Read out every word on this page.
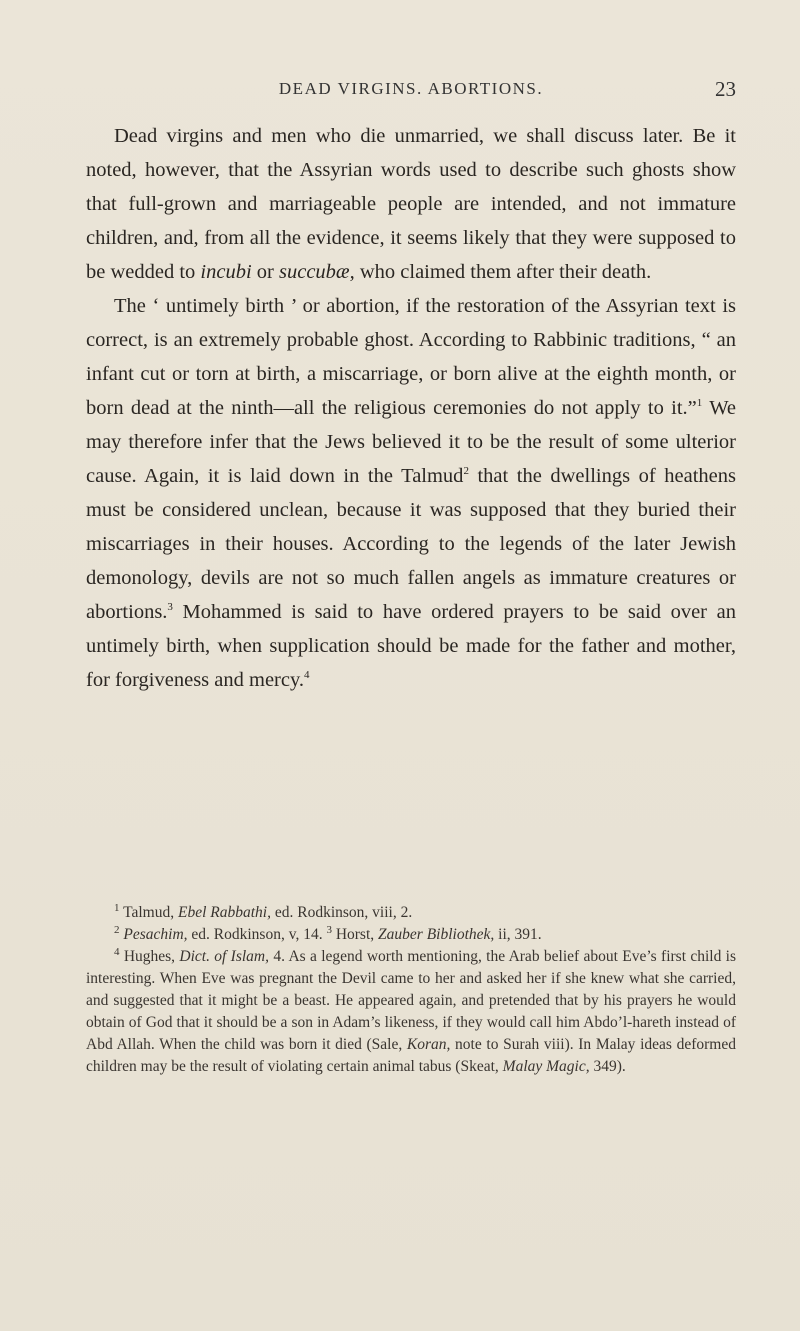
DEAD VIRGINS. ABORTIONS.	23

Dead virgins and men who die unmarried, we shall discuss later. Be it noted, however, that the Assyrian words used to describe such ghosts show that full-grown and marriageable people are intended, and not immature children, and, from all the evidence, it seems likely that they were supposed to be wedded to incubi or succubæ, who claimed them after their death.

The ‘ untimely birth ’ or abortion, if the restoration of the Assyrian text is correct, is an extremely probable ghost. According to Rabbinic traditions, “ an infant cut or torn at birth, a miscarriage, or born alive at the eighth month, or born dead at the ninth—all the religious ceremonies do not apply to it.”$^1$ We may therefore infer that the Jews believed it to be the result of some ulterior cause. Again, it is laid down in the Talmud$^2$ that the dwellings of heathens must be considered unclean, because it was supposed that they buried their miscarriages in their houses. According to the legends of the later Jewish demonology, devils are not so much fallen angels as immature creatures or abortions.$^3$ Mohammed is said to have ordered prayers to be said over an untimely birth, when supplication should be made for the father and mother, for forgiveness and mercy.$^4$

$^1$ Talmud, Ebel Rabbathi, ed. Rodkinson, viii, 2.

$^2$ Pesachim, ed. Rodkinson, v, 14. $^3$ Horst, Zauber Bibliothek, ii, 391.

$^4$ Hughes, Dict. of Islam, 4. As a legend worth mentioning, the Arab belief about Eve’s first child is interesting. When Eve was pregnant the Devil came to her and asked her if she knew what she carried, and suggested that it might be a beast. He appeared again, and pretended that by his prayers he would obtain of God that it should be a son in Adam’s likeness, if they would call him Abdo’l-hareth instead of Abd Allah. When the child was born it died (Sale, Koran, note to Surah viii). In Malay ideas deformed children may be the result of violating certain animal tabus (Skeat, Malay Magic, 349).
